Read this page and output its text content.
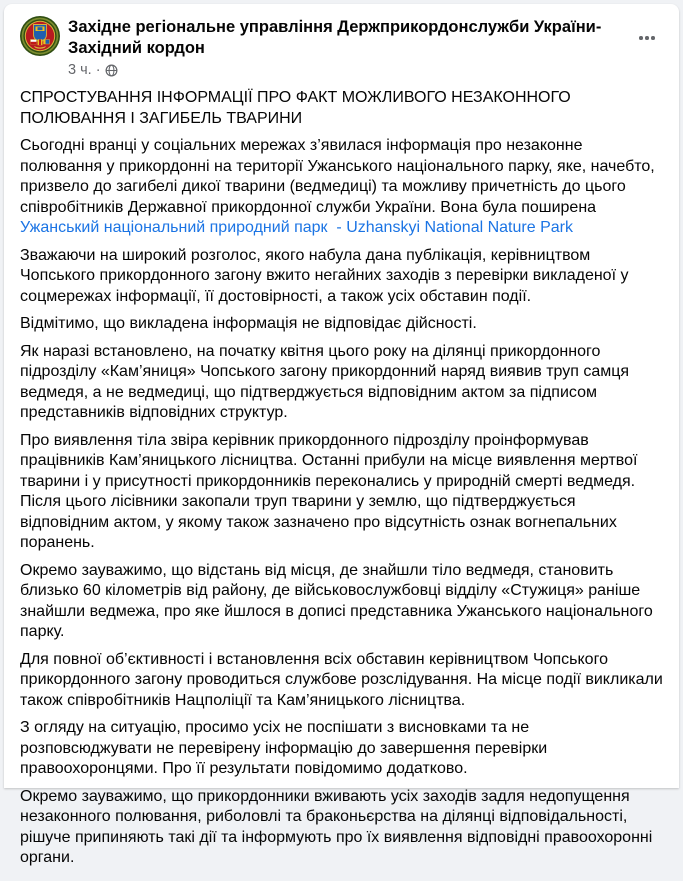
Західне регіональне управління Держприкордонслужби України-Західний кордон
3 ч. ·

СПРОСТУВАННЯ ІНФОРМАЦІЇ ПРО ФАКТ МОЖЛИВОГО НЕЗАКОННОГО ПОЛЮВАННЯ І ЗАГИБЕЛЬ ТВАРИНИ

Сьогодні вранці у соціальних мережах з’явилася інформація про незаконне полювання у прикордонні на території Ужанського національного парку, яке, начебто, призвело до загибелі дикої тварини (ведмедиці) та можливу причетність до цього співробітників Державної прикордонної служби України. Вона була поширена Ужанський національний природний парк  - Uzhanskyi National Nature Park

Зважаючи на широкий розголос, якого набула дана публікація, керівництвом Чопського прикордонного загону вжито негайних заходів з перевірки викладеної у соцмережах інформації, її достовірності, а також усіх обставин події.

Відмітимо, що викладена інформація не відповідає дійсності.

Як наразі встановлено, на початку квітня цього року на ділянці прикордонного підрозділу «Кам’яниця» Чопського загону прикордонний наряд виявив труп самця ведмедя, а не ведмедиці, що підтверджується відповідним актом за підписом представників відповідних структур.

Про виявлення тіла звіра керівник прикордонного підрозділу проінформував працівників Кам’яницького лісництва. Останні прибули на місце виявлення мертвої тварини і у присутності прикордонників переконались у природній смерті ведмедя. Після цього лісівники закопали труп тварини у землю, що підтверджується відповідним актом, у якому також зазначено про відсутність ознак вогнепальних поранень.

Окремо зауважимо, що відстань від місця, де знайшли тіло ведмедя, становить близько 60 кілометрів від району, де військовослужбовці відділу «Стужиця» раніше знайшли ведмежа, про яке йшлося в дописі представника Ужанського національного парку.

Для повної об’єктивності і встановлення всіх обставин керівництвом Чопського прикордонного загону проводиться службове розслідування. На місце події викликали також співробітників Нацполіції та Кам’яницького лісництва.

З огляду на ситуацію, просимо усіх не поспішати з висновками та не розповсюджувати не перевірену інформацію до завершення перевірки правоохоронцями. Про її результати повідомимо додатково.

Окремо зауважимо, що прикордонники вживають усіх заходів задля недопущення незаконного полювання, риболовлі та браконьєрства на ділянці відповідальності, рішуче припиняють такі дії та інформують про їх виявлення відповідні правоохоронні органи.
